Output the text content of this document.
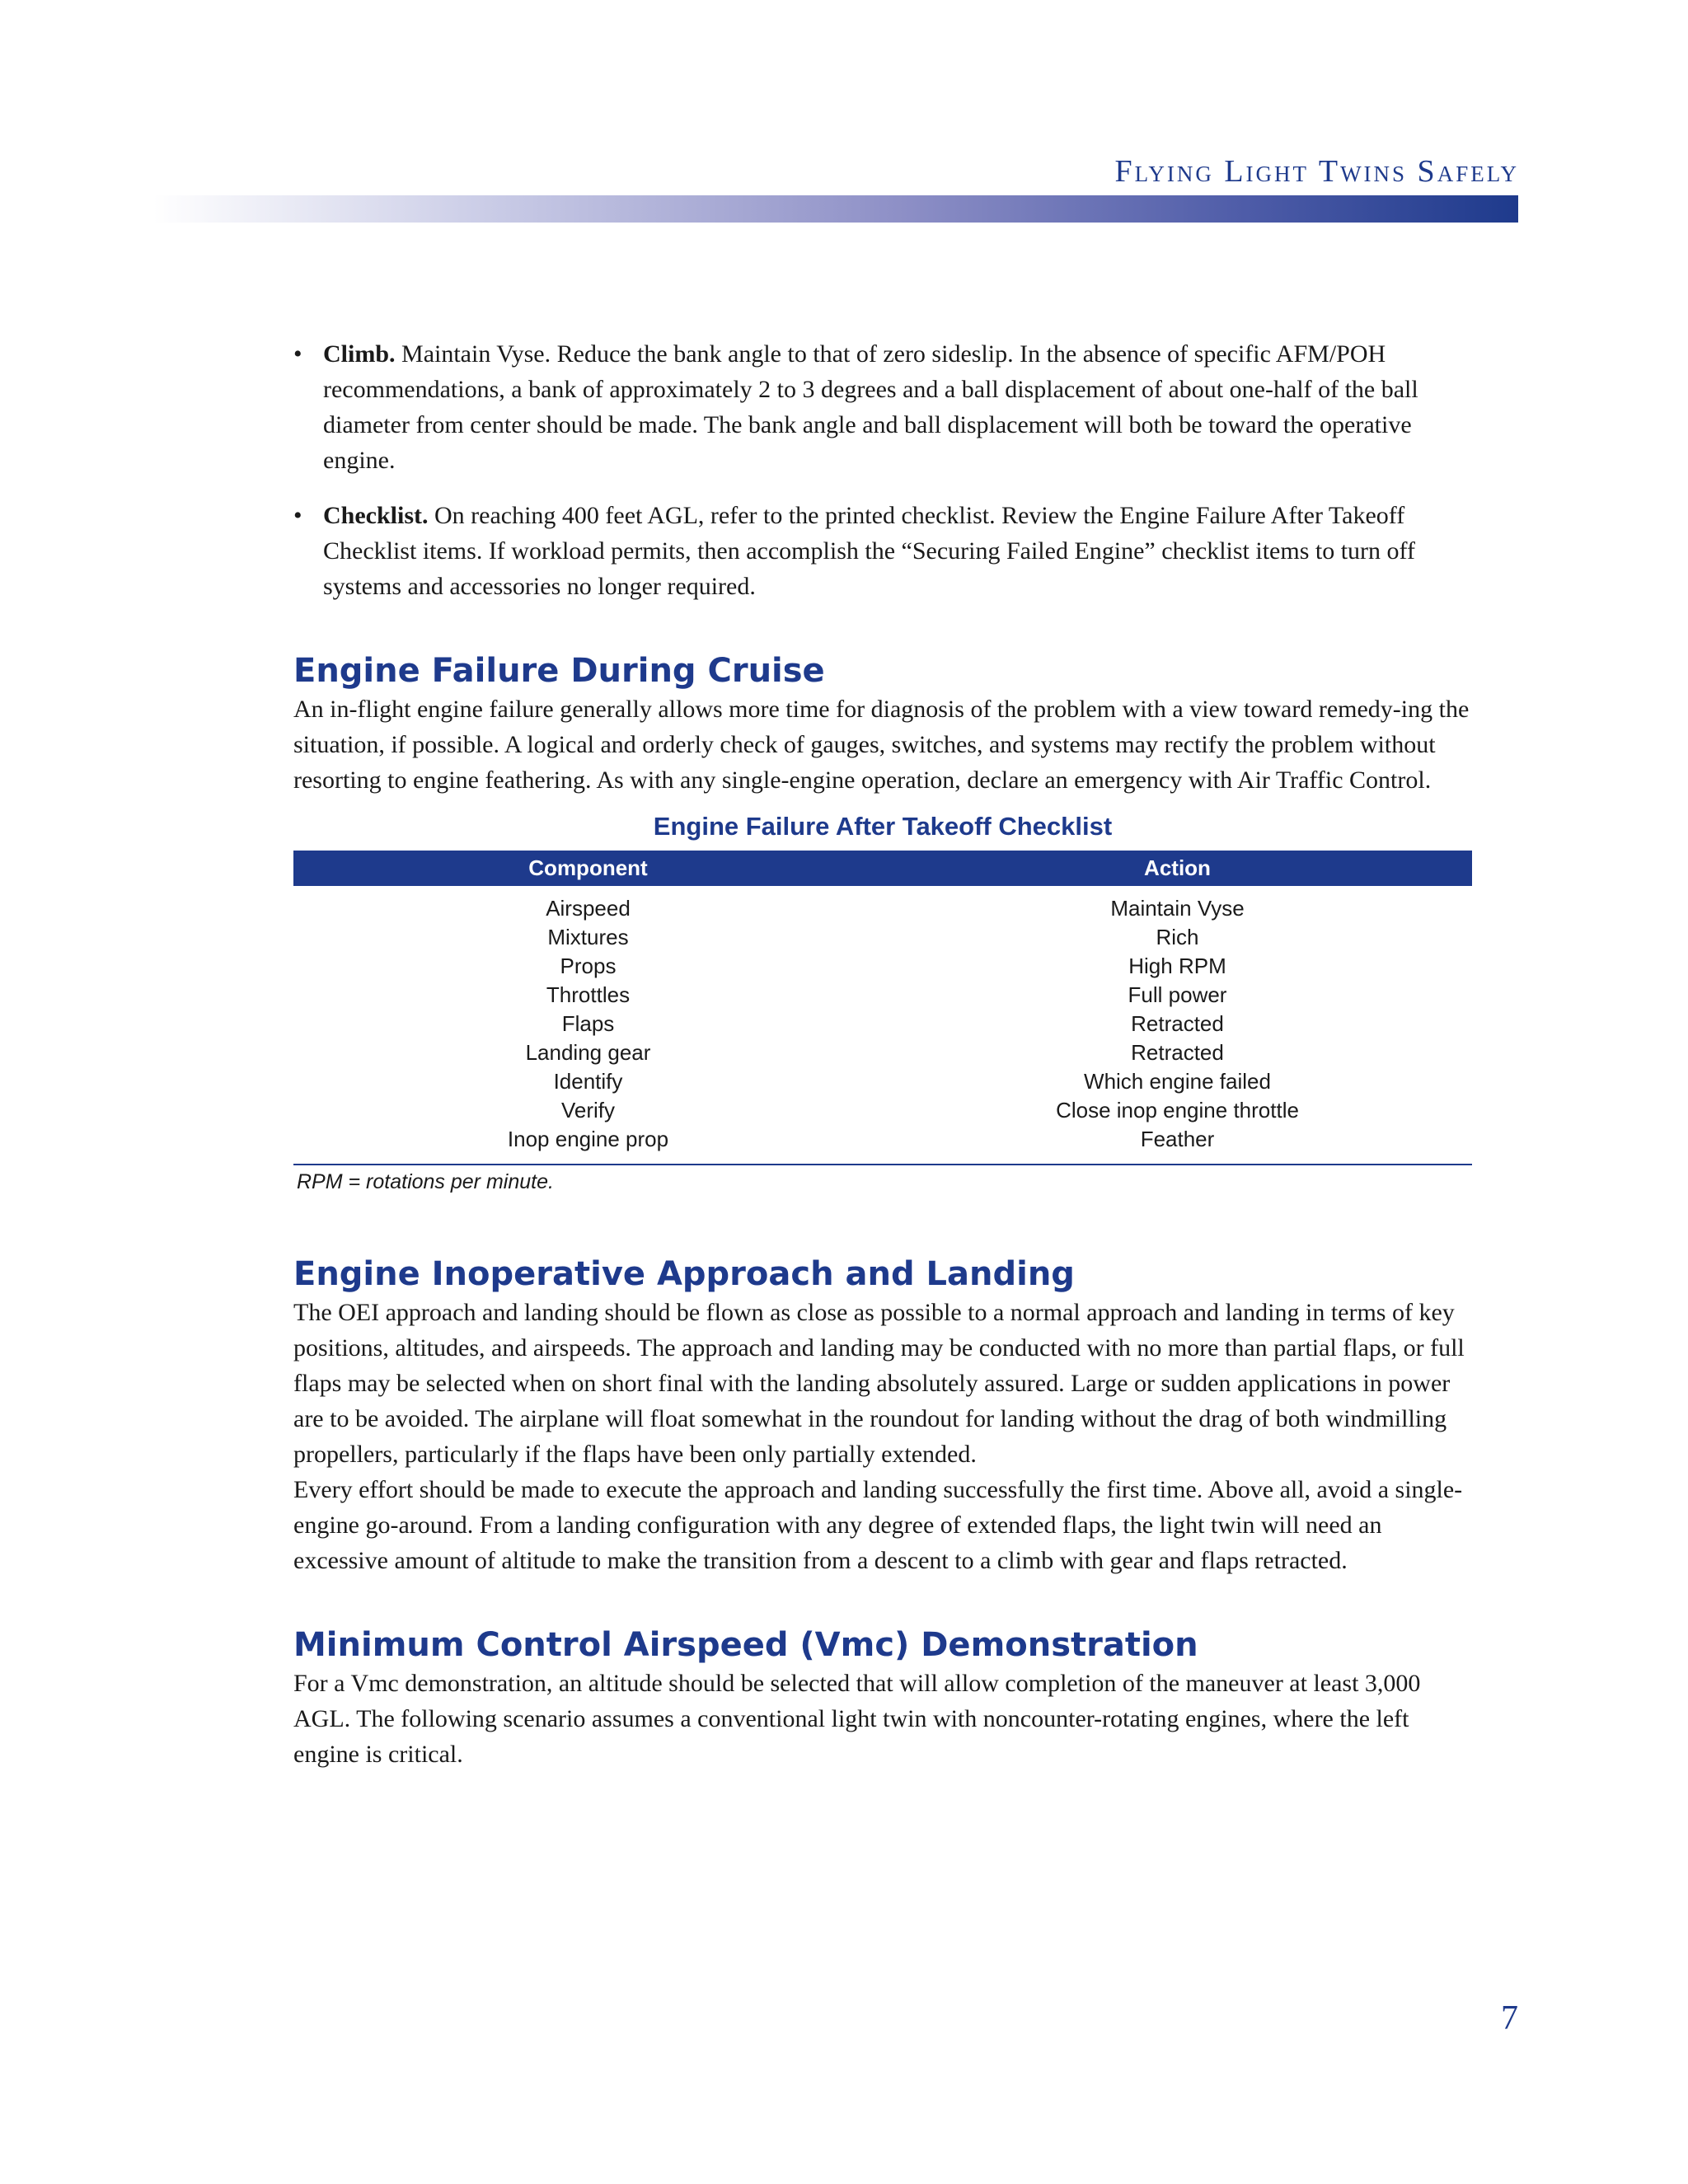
Flying Light Twins Safely
• Climb. Maintain Vyse. Reduce the bank angle to that of zero sideslip. In the absence of specific AFM/POH recommendations, a bank of approximately 2 to 3 degrees and a ball displacement of about one-half of the ball diameter from center should be made. The bank angle and ball displacement will both be toward the operative engine.
• Checklist. On reaching 400 feet AGL, refer to the printed checklist. Review the Engine Failure After Takeoff Checklist items. If workload permits, then accomplish the “Securing Failed Engine” checklist items to turn off systems and accessories no longer required.
Engine Failure During Cruise

An in-flight engine failure generally allows more time for diagnosis of the problem with a view toward remedy-ing the situation, if possible. A logical and orderly check of gauges, switches, and systems may rectify the problem without resorting to engine feathering. As with any single-engine operation, declare an emergency with Air Traffic Control.

Engine Failure After Takeoff Checklist
Component	Action
Airspeed	Maintain Vyse
Mixtures	Rich
Props	High RPM
Throttles	Full power
Flaps	Retracted
Landing gear	Retracted
Identify	Which engine failed
Verify	Close inop engine throttle
Inop engine prop	Feather
RPM = rotations per minute.
Engine Inoperative Approach and Landing

The OEI approach and landing should be flown as close as possible to a normal approach and landing in terms of key positions, altitudes, and airspeeds. The approach and landing may be conducted with no more than partial flaps, or full flaps may be selected when on short final with the landing absolutely assured. Large or sudden applications in power are to be avoided. The airplane will float somewhat in the roundout for landing without the drag of both windmilling propellers, particularly if the flaps have been only partially extended.

Every effort should be made to execute the approach and landing successfully the first time. Above all, avoid a single-engine go-around. From a landing configuration with any degree of extended flaps, the light twin will need an excessive amount of altitude to make the transition from a descent to a climb with gear and flaps retracted.

Minimum Control Airspeed (Vmc) Demonstration

For a Vmc demonstration, an altitude should be selected that will allow completion of the maneuver at least 3,000 AGL. The following scenario assumes a conventional light twin with noncounter-rotating engines, where the left engine is critical.

7
